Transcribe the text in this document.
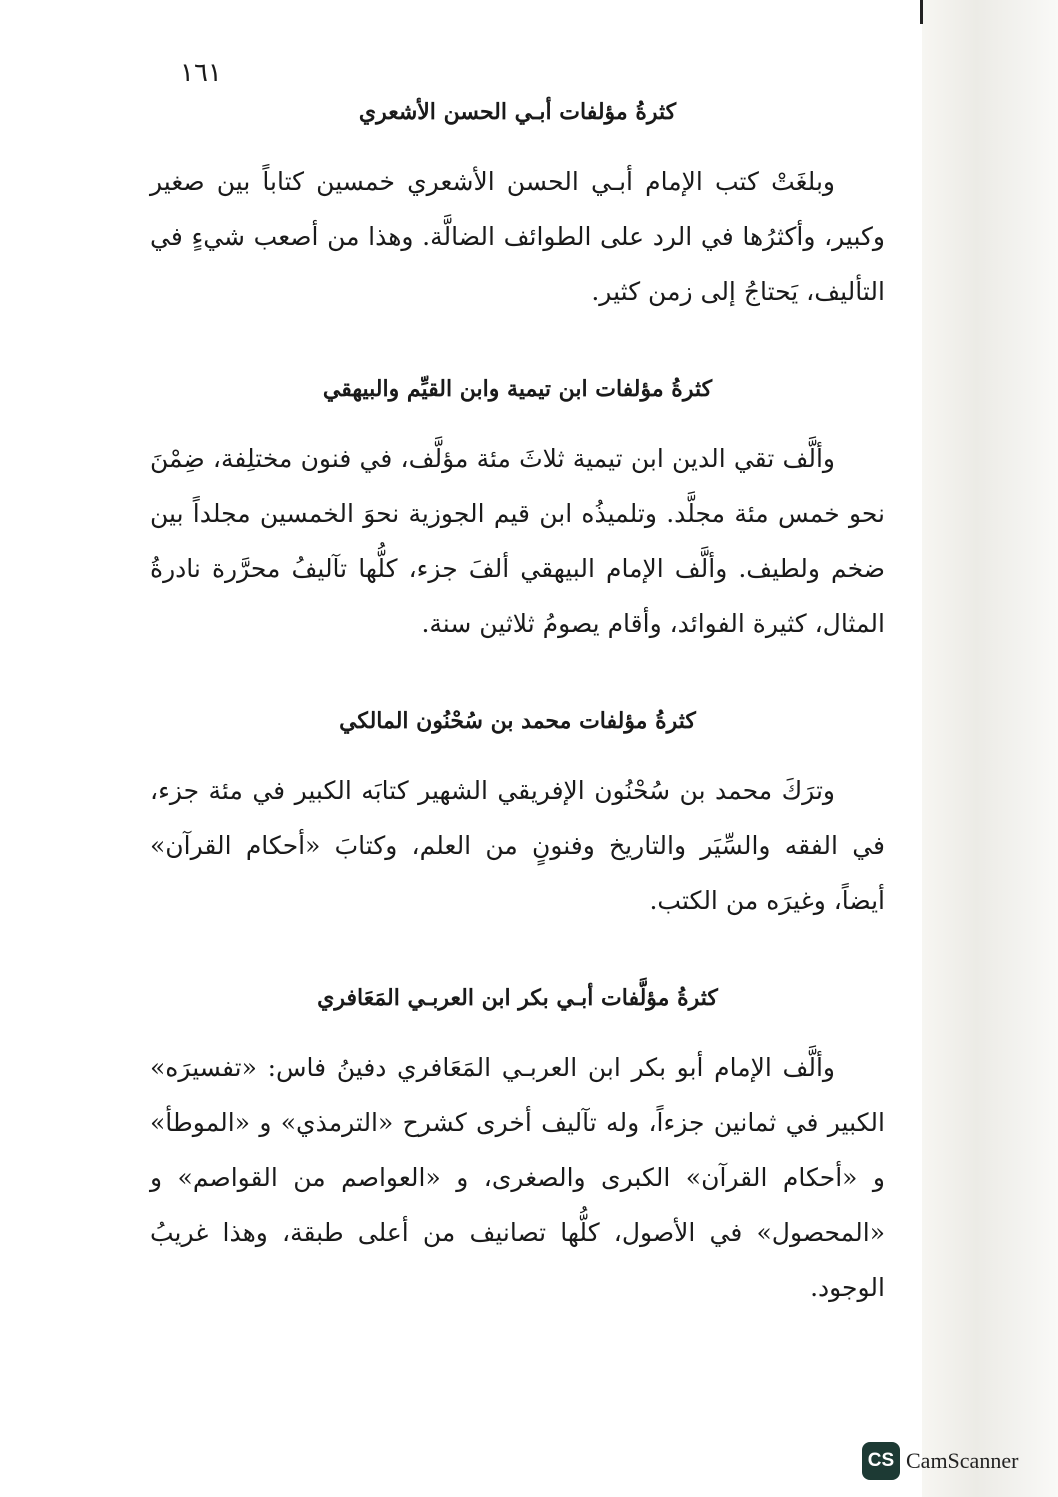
١٦١
كثرةُ مؤلفات أبـي الحسن الأشعري

وبلغَتْ كتب الإمام أبـي الحسن الأشعري خمسين كتاباً بين صغير وكبير، وأكثرُها في الرد على الطوائف الضالَّة. وهذا من أصعب شيءٍ في التأليف، يَحتاجُ إلى زمن كثير.

كثرةُ مؤلفات ابن تيمية وابن القيِّم والبيهقي

وألَّف تقي الدين ابن تيمية ثلاثَ مئة مؤلَّف، في فنون مختلِفة، ضِمْنَ نحو خمس مئة مجلَّد. وتلميذُه ابن قيم الجوزية نحوَ الخمسين مجلداً بين ضخم ولطيف. وألَّف الإمام البيهقي ألفَ جزء، كلُّها تآليفُ محرَّرة نادرةُ المثال، كثيرة الفوائد، وأقام يصومُ ثلاثين سنة.

كثرةُ مؤلفات محمد بن سُحْنُون المالكي

وترَكَ محمد بن سُحْنُون الإفريقي الشهير كتابَه الكبير في مئة جزء، في الفقه والسِّيَر والتاريخ وفنونٍ من العلم، وكتابَ «أحكام القرآن» أيضاً، وغيرَه من الكتب.

كثرةُ مؤلَّفات أبـي بكر ابن العربـي المَعَافري

وألَّف الإمام أبو بكر ابن العربـي المَعَافري دفينُ فاس: «تفسيرَه» الكبير في ثمانين جزءاً، وله تآليف أخرى كشرح «الترمذي» و «الموطأ» و «أحكام القرآن» الكبرى والصغرى، و «العواصم من القواصم» و «المحصول» في الأصول، كلُّها تصانيف من أعلى طبقة، وهذا غريبُ الوجود.

CS CamScanner
